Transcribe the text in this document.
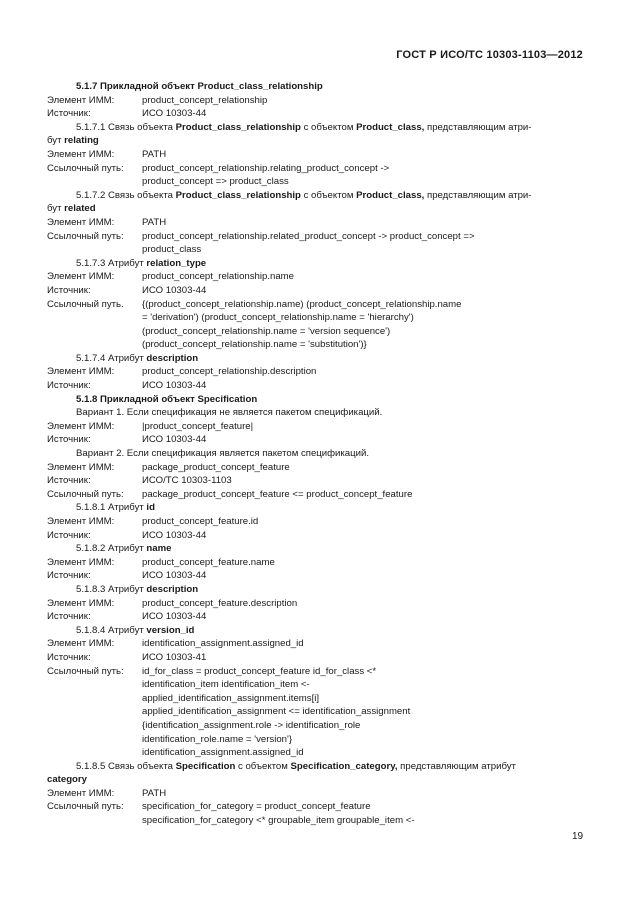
ГОСТ Р ИСО/ТС 10303-1103—2012
5.1.7 Прикладной объект Product_class_relationship
Элемент ИММ:	product_concept_relationship
Источник:	ИСО 10303-44
5.1.7.1 Связь объекта Product_class_relationship с объектом Product_class, представляющим атри-
бут relating
Элемент ИММ:	PATH
Ссылочный путь: product_concept_relationship.relating_product_concept ->
product_concept => product_class
5.1.7.2 Связь объекта Product_class_relationship с объектом Product_class, представляющим атри-
бут related
Элемент ИММ:	PATH
Ссылочный путь: product_concept_relationship.related_product_concept -> product_concept =>
product_class
5.1.7.3 Атрибут relation_type
Элемент ИММ:	product_concept_relationship.name
Источник:	ИСО 10303-44
Ссылочный путь. {(product_concept_relationship.name) (product_concept_relationship.name
= 'derivation') (product_concept_relationship.name = 'hierarchy')
(product_concept_relationship.name = 'version sequence')
(product_concept_relationship.name = 'substitution')}
5.1.7.4 Атрибут description
Элемент ИММ:	product_concept_relationship.description
Источник:	ИСО 10303-44
5.1.8 Прикладной объект Specification
Вариант 1. Если спецификация не является пакетом спецификаций.
Элемент ИММ:	|product_concept_feature|
Источник:	ИСО 10303-44
Вариант 2. Если спецификация является пакетом спецификаций.
Элемент ИММ:	package_product_concept_feature
Источник:	ИСО/ТС 10303-1103
Ссылочный путь: package_product_concept_feature <= product_concept_feature
5.1.8.1 Атрибут id
Элемент ИММ:	product_concept_feature.id
Источник:	ИСО 10303-44
5.1.8.2 Атрибут name
Элемент ИММ:	product_concept_feature.name
Источник:	ИСО 10303-44
5.1.8.3 Атрибут description
Элемент ИММ:	product_concept_feature.description
Источник:	ИСО 10303-44
5.1.8.4 Атрибут version_id
Элемент ИММ:	identification_assignment.assigned_id
Источник:	ИСО 10303-41
Ссылочный путь: id_for_class = product_concept_feature id_for_class <*
identification_item identification_item <-
applied_identification_assignment.items[i]
applied_identification_assignment <= identification_assignment
{identification_assignment.role -> identification_role
identification_role.name = 'version'}
identification_assignment.assigned_id
5.1.8.5 Связь объекта Specification с объектом Specification_category, представляющим атрибут
category
Элемент ИММ:	PATH
Ссылочный путь: specification_for_category = product_concept_feature
specification_for_category <* groupable_item groupable_item <-
19
